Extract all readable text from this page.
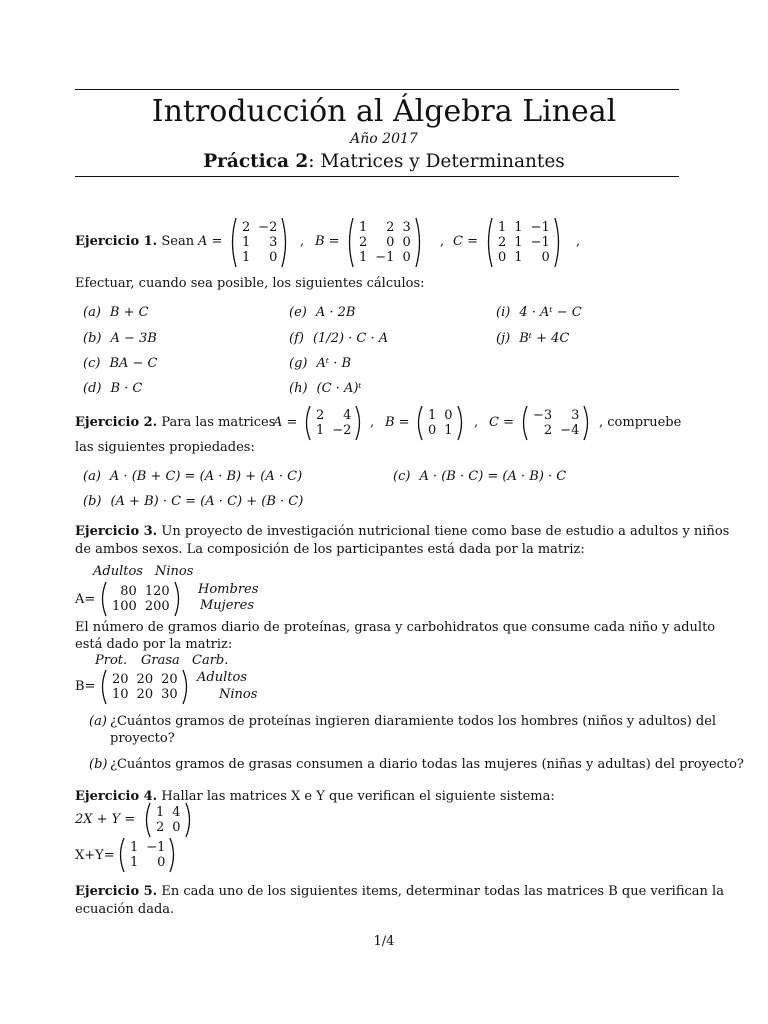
Introducción al Álgebra Lineal
Año 2017
Práctica 2: Matrices y Determinantes
Ejercicio 1. Sean A =
2	−2
1	3
1	0
, B =
1	2	3
2	0	0
1	−1	0
, C =
1	1	−1
2	1	−1
0	1	0
,
Efectuar, cuando sea posible, los siguientes cálculos:
(a) B + C
(b) A − 3B
(c) BA − C
(d) B · C
(e) A · 2B
(f) (1/2) · C · A
(g) Aᵗ · B
(h) (C · A)ᵗ
(i) 4 · Aᵗ − C
(j) Bᵗ + 4C
Ejercicio 2. Para las matrices
A = 2	4
1	−2
, B = 1	0
0	1
, C = −3	3
2	−4
, compruebe
las siguientes propiedades:
(a) A · (B + C) = (A · B) + (A · C)
(b) (A + B) · C = (A · C) + (B · C)
(c) A · (B · C) = (A · B) · C
Ejercicio 3. Un proyecto de investigación nutricional tiene como base de estudio a adultos y niños
de ambos sexos. La composición de los participantes está dada por la matriz:
Adultos Ninos
A=
80	120
100	200
Hombres
Mujeres
El número de gramos diario de proteínas, grasa y carbohidratos que consume cada niño y adulto
está dado por la matriz:
Prot. Grasa Carb.
B= 20	20	20
10	20	30
Adultos
Ninos
(a) ¿Cuántos gramos de proteínas ingieren diaramiente todos los hombres (niños y adultos) del
proyecto?
(b) ¿Cuántos gramos de grasas consumen a diario todas las mujeres (niñas y adultas) del proyecto?
Ejercicio 4. Hallar las matrices X e Y que verifican el siguiente sistema:
2X + Y = 1	4
2	0
X+Y=
1	−1
1	0
Ejercicio 5. En cada uno de los siguientes items, determinar todas las matrices B que verifican la
ecuación dada.
1/4
